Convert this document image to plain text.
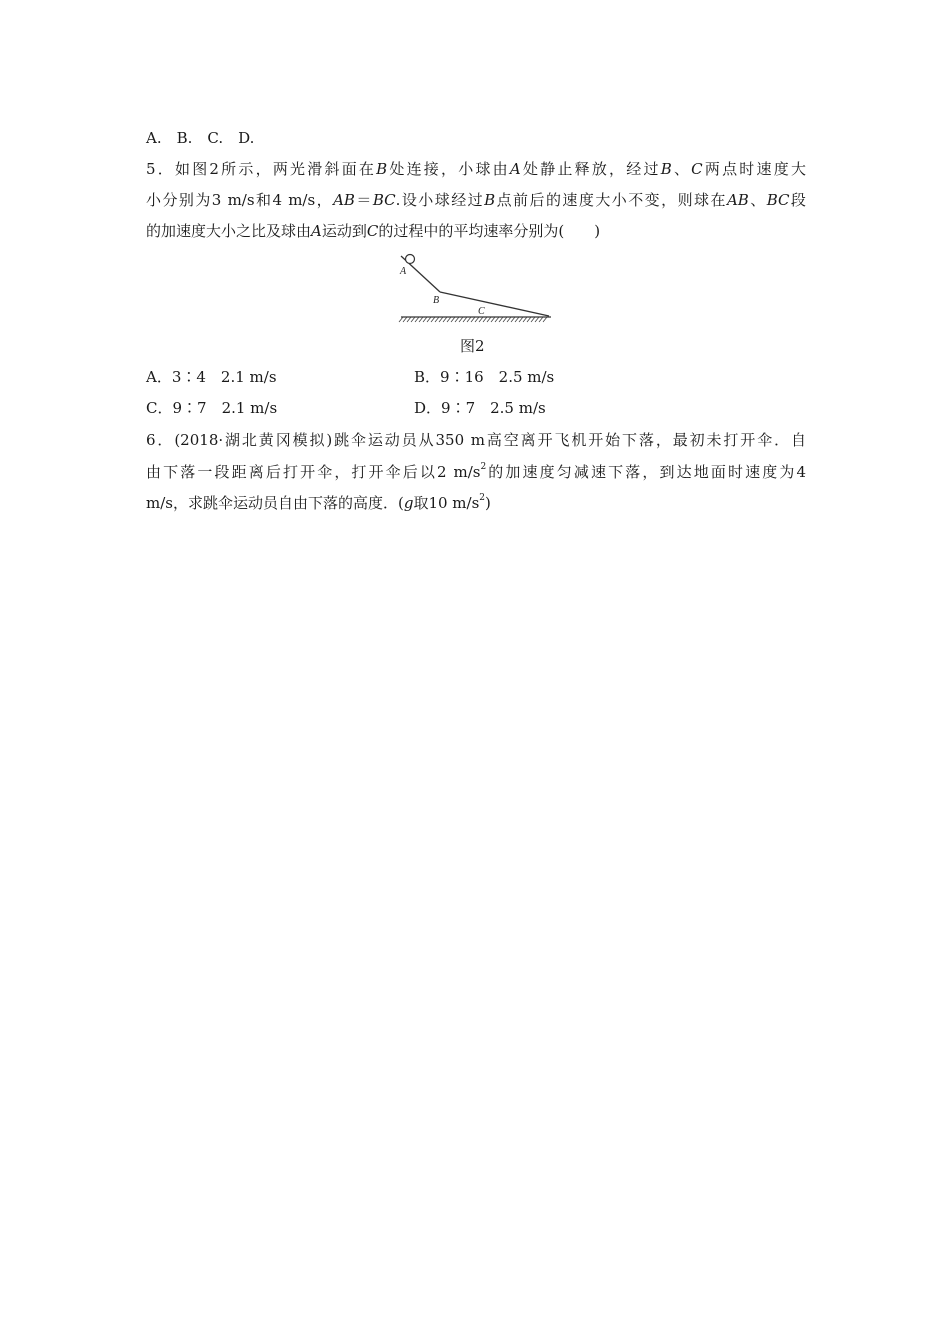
A.　B.　C.　D.
5．如图2所示，两光滑斜面在B处连接，小球由A处静止释放，经过B、C两点时速度大
小分别为3 m/s和4 m/s，AB＝BC.设小球经过B点前后的速度大小不变，则球在AB、BC段
的加速度大小之比及球由A运动到C的过程中的平均速率分别为(　　)
A
B
C
图2
A．3∶4　2.1 m/s	B．9∶16　2.5 m/s
C．9∶7　2.1 m/s	D．9∶7　2.5 m/s
6．(2018·湖北黄冈模拟)跳伞运动员从350 m高空离开飞机开始下落，最初未打开伞．自
由下落一段距离后打开伞，打开伞后以2 $m/s^2$的加速度匀减速下落，到达地面时速度为4
m/s，求跳伞运动员自由下落的高度．(g取10 $m/s^2$)
